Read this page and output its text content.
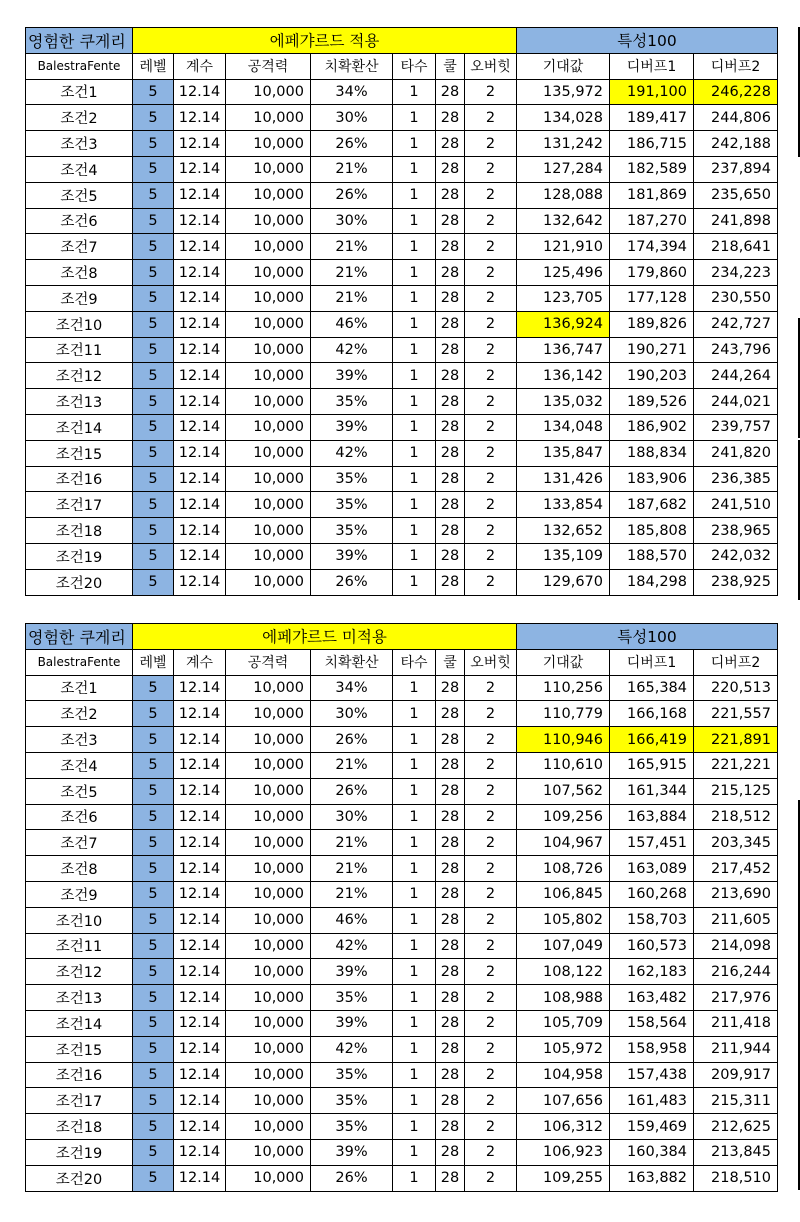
영험한 쿠게리	에페갸르드 적용							특성100		
BalestraFente	레벨	계수	공격력	치확환산	타수	쿨	오버힛	기대값	디버프1	디버프2
조건1	5	12.14	10,000	34%	1	28	2	135,972	191,100	246,228
조건2	5	12.14	10,000	30%	1	28	2	134,028	189,417	244,806
조건3	5	12.14	10,000	26%	1	28	2	131,242	186,715	242,188
조건4	5	12.14	10,000	21%	1	28	2	127,284	182,589	237,894
조건5	5	12.14	10,000	26%	1	28	2	128,088	181,869	235,650
조건6	5	12.14	10,000	30%	1	28	2	132,642	187,270	241,898
조건7	5	12.14	10,000	21%	1	28	2	121,910	174,394	218,641
조건8	5	12.14	10,000	21%	1	28	2	125,496	179,860	234,223
조건9	5	12.14	10,000	21%	1	28	2	123,705	177,128	230,550
조건10	5	12.14	10,000	46%	1	28	2	136,924	189,826	242,727
조건11	5	12.14	10,000	42%	1	28	2	136,747	190,271	243,796
조건12	5	12.14	10,000	39%	1	28	2	136,142	190,203	244,264
조건13	5	12.14	10,000	35%	1	28	2	135,032	189,526	244,021
조건14	5	12.14	10,000	39%	1	28	2	134,048	186,902	239,757
조건15	5	12.14	10,000	42%	1	28	2	135,847	188,834	241,820
조건16	5	12.14	10,000	35%	1	28	2	131,426	183,906	236,385
조건17	5	12.14	10,000	35%	1	28	2	133,854	187,682	241,510
조건18	5	12.14	10,000	35%	1	28	2	132,652	185,808	238,965
조건19	5	12.14	10,000	39%	1	28	2	135,109	188,570	242,032
조건20	5	12.14	10,000	26%	1	28	2	129,670	184,298	238,925
영험한 쿠게리	에페갸르드 미적용							특성100		
BalestraFente	레벨	계수	공격력	치확환산	타수	쿨	오버힛	기대값	디버프1	디버프2
조건1	5	12.14	10,000	34%	1	28	2	110,256	165,384	220,513
조건2	5	12.14	10,000	30%	1	28	2	110,779	166,168	221,557
조건3	5	12.14	10,000	26%	1	28	2	110,946	166,419	221,891
조건4	5	12.14	10,000	21%	1	28	2	110,610	165,915	221,221
조건5	5	12.14	10,000	26%	1	28	2	107,562	161,344	215,125
조건6	5	12.14	10,000	30%	1	28	2	109,256	163,884	218,512
조건7	5	12.14	10,000	21%	1	28	2	104,967	157,451	203,345
조건8	5	12.14	10,000	21%	1	28	2	108,726	163,089	217,452
조건9	5	12.14	10,000	21%	1	28	2	106,845	160,268	213,690
조건10	5	12.14	10,000	46%	1	28	2	105,802	158,703	211,605
조건11	5	12.14	10,000	42%	1	28	2	107,049	160,573	214,098
조건12	5	12.14	10,000	39%	1	28	2	108,122	162,183	216,244
조건13	5	12.14	10,000	35%	1	28	2	108,988	163,482	217,976
조건14	5	12.14	10,000	39%	1	28	2	105,709	158,564	211,418
조건15	5	12.14	10,000	42%	1	28	2	105,972	158,958	211,944
조건16	5	12.14	10,000	35%	1	28	2	104,958	157,438	209,917
조건17	5	12.14	10,000	35%	1	28	2	107,656	161,483	215,311
조건18	5	12.14	10,000	35%	1	28	2	106,312	159,469	212,625
조건19	5	12.14	10,000	39%	1	28	2	106,923	160,384	213,845
조건20	5	12.14	10,000	26%	1	28	2	109,255	163,882	218,510
